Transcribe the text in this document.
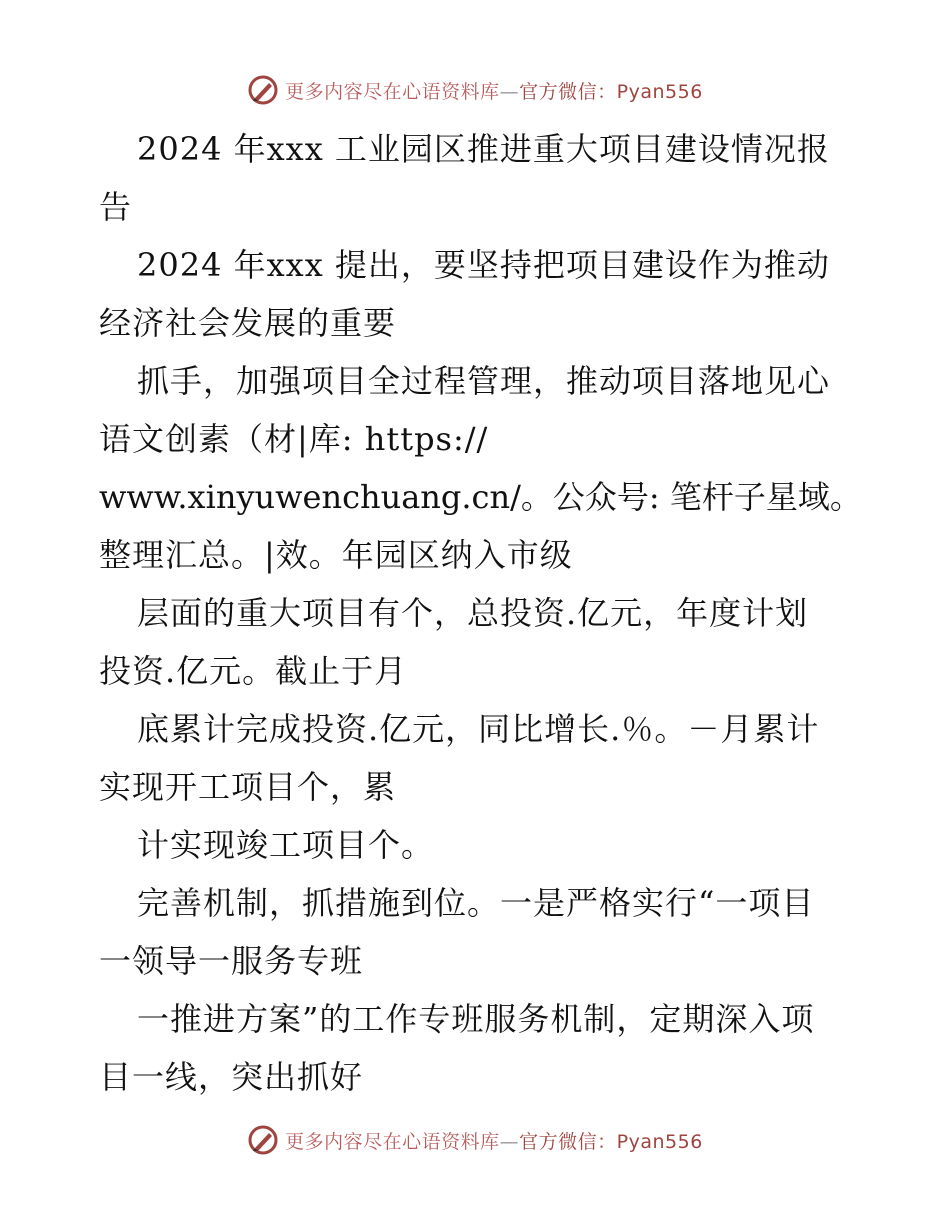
更多内容尽在心语资料库—官方微信：Pyan556
2024 年xxx 工业园区推进重大项目建设情况报
告
2024 年xxx 提出，要坚持把项目建设作为推动
经济社会发展的重要
抓手，加强项目全过程管理，推动项目落地见心
语文创素（材|库: https://
www.xinyuwenchuang.cn/。公众号: 笔杆子星域。
整理汇总。|效。年园区纳入市级
层面的重大项目有个，总投资.亿元，年度计划
投资.亿元。截止于月
底累计完成投资.亿元，同比增长.％。－月累计
实现开工项目个，累
计实现竣工项目个。
完善机制，抓措施到位。一是严格实行“一项目
一领导一服务专班
一推进方案”的工作专班服务机制，定期深入项
目一线，突出抓好
更多内容尽在心语资料库—官方微信：Pyan556
